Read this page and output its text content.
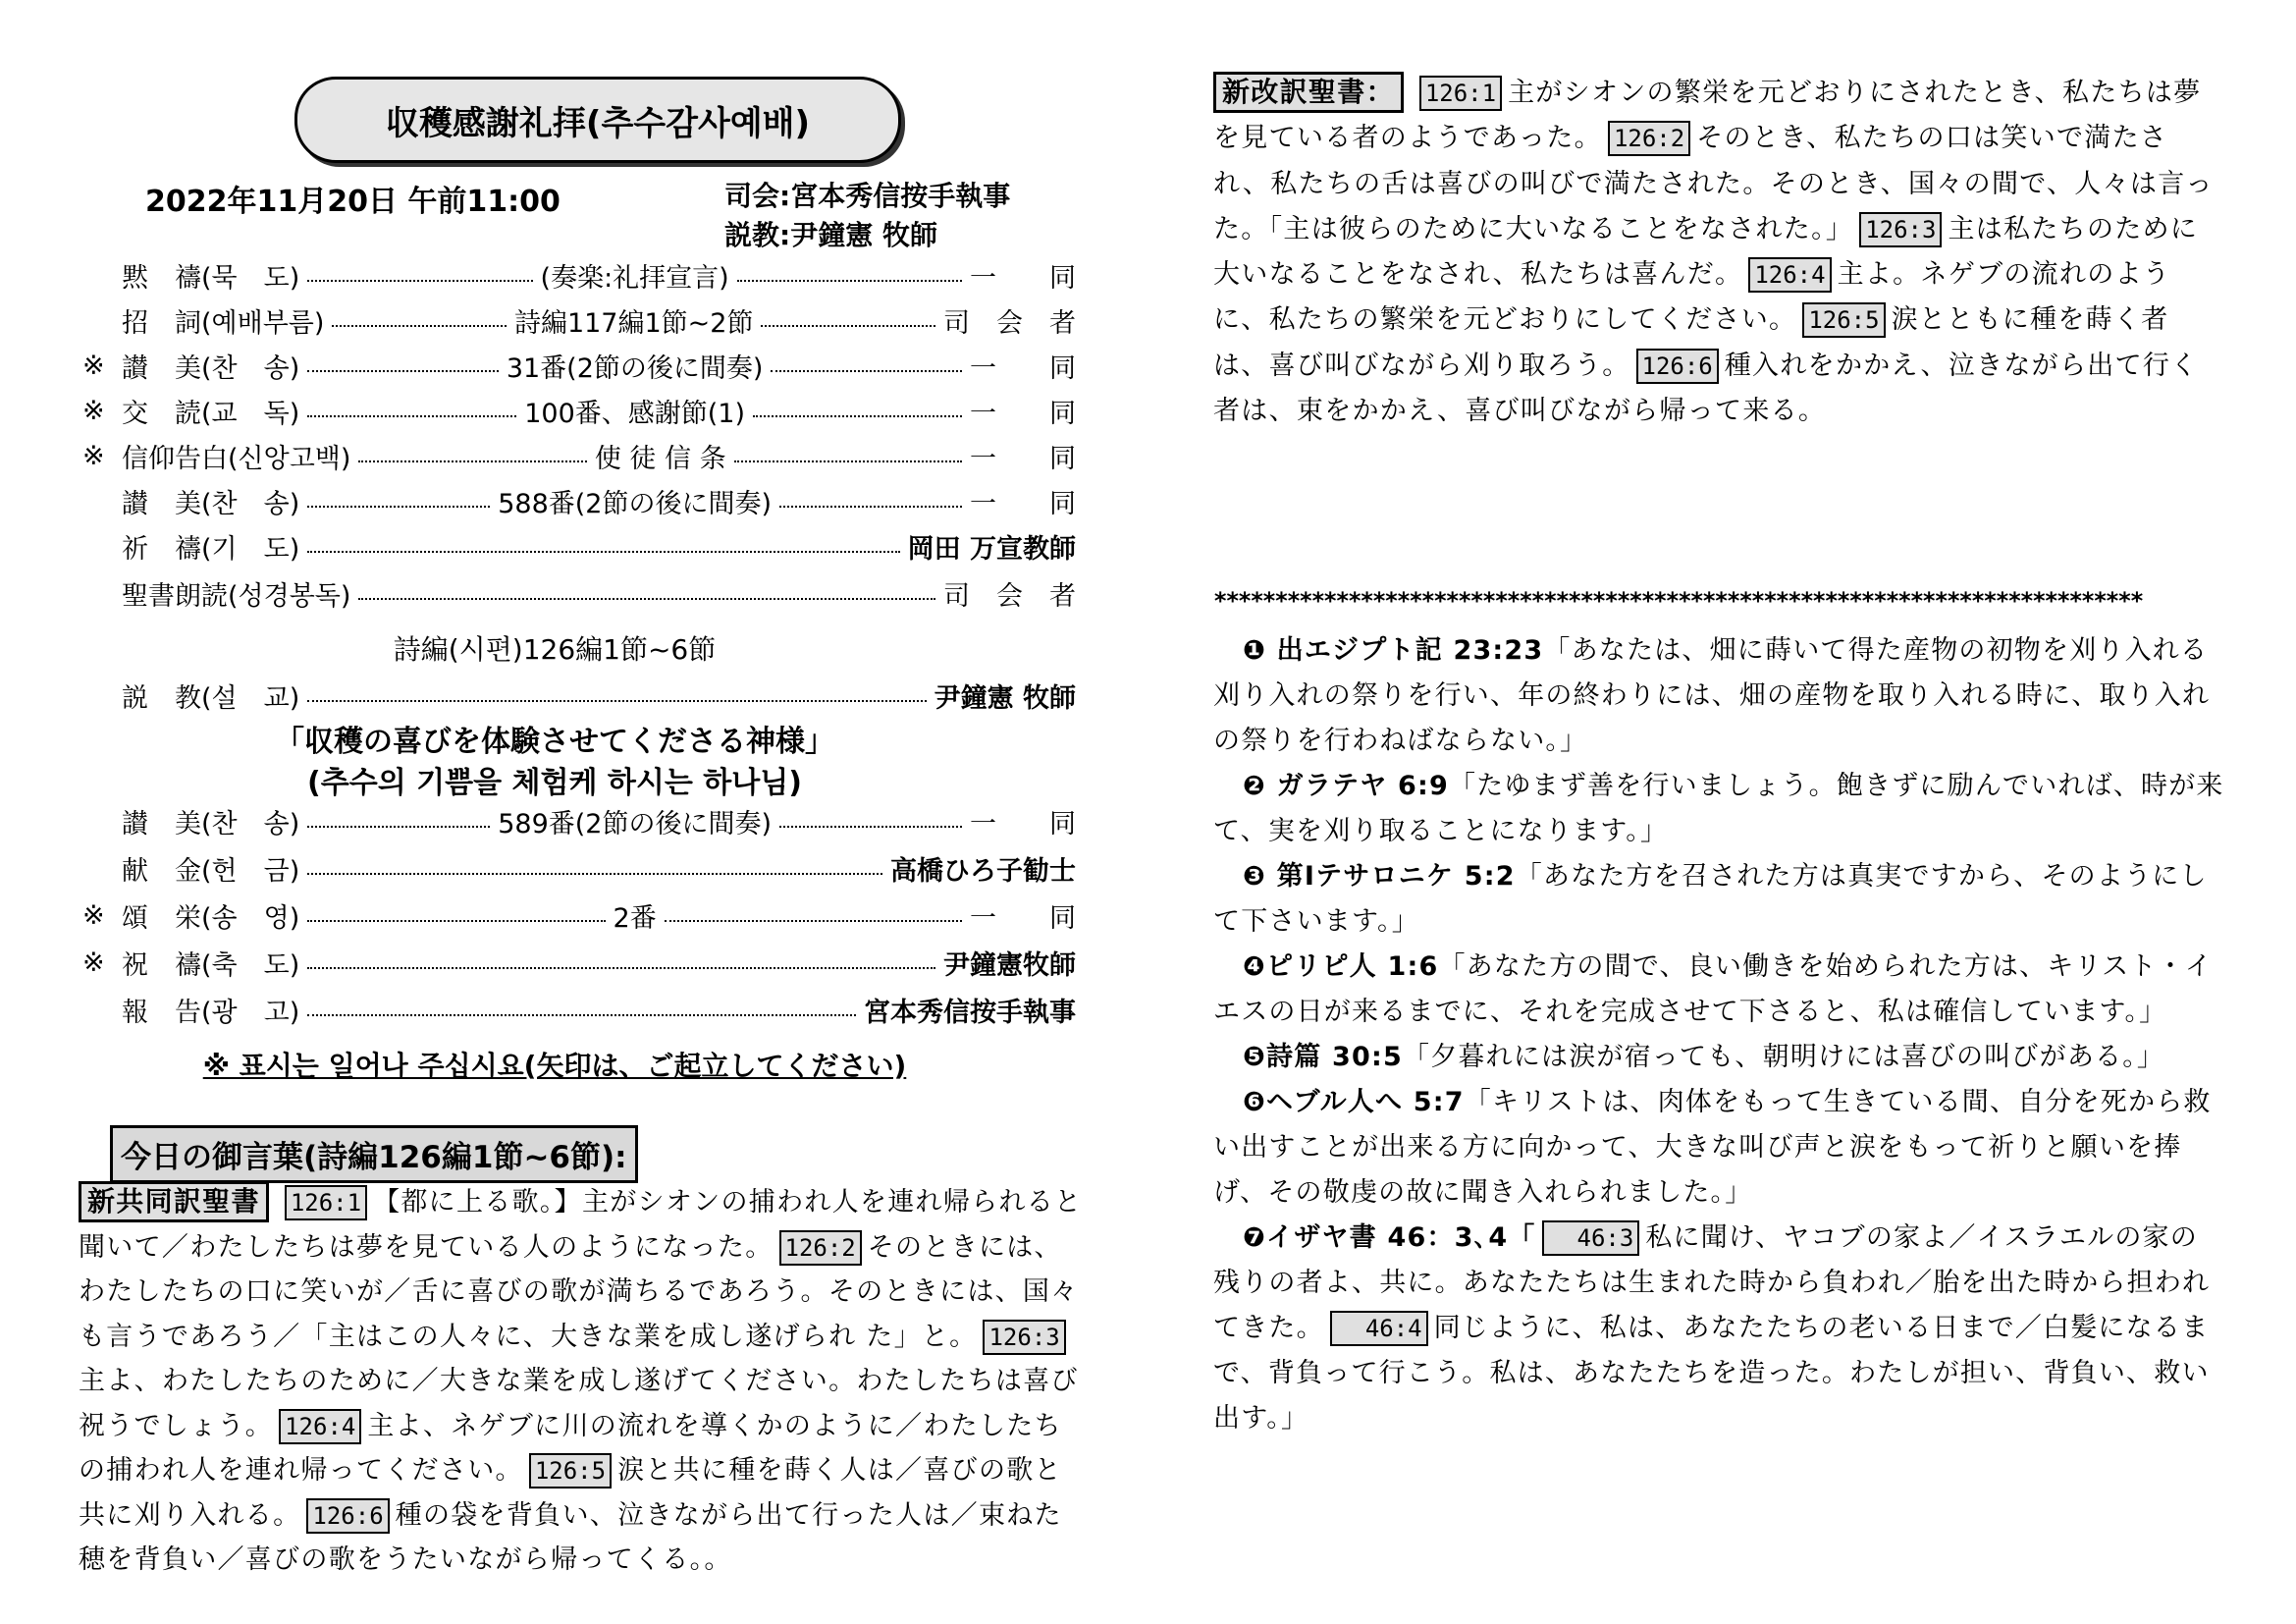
収穫感謝礼拝(추수감사예배)
2022年11月20日 午前11:00	司会:宮本秀信按手執事
説教:尹鐘憲 牧師
黙　禱(묵　도)	(奏楽:礼拝宣言)	一　　同
招　詞(예배부름)	詩編117編1節~2節	司　会　者
※ 讃　美(찬　송)	31番(2節の後に間奏)	一　　同
※ 交　読(교　독)	100番、感謝節(1)	一　　同
※ 信仰告白(신앙고백)	使 徒 信 条	一　　同
讃　美(찬　송)	588番(2節の後に間奏)	一　　同
祈　禱(기　도)	岡田 万宣教師
聖書朗読(성경봉독)	司　会　者
詩編(시편)126編1節~6節
説　教(설　교)	尹鐘憲 牧師
「収穫の喜びを体験させてくださる神様」
(추수의 기쁨을 체험케 하시는 하나님)
讃　美(찬　송)	589番(2節の後に間奏)	一　　同
献　金(헌　금)	高橋ひろ子勧士
※ 頌　栄(송　영)	2番	一　　同
※ 祝　禱(축　도)	尹鐘憲牧師
報　告(광　고)	宮本秀信按手執事
※ 표시는 일어나 주십시요(矢印は、ご起立してください)
今日の御言葉(詩編126編1節~6節):
新共同訳聖書 126:1 【都に上る歌。】主がシオンの捕われ人を連れ帰られると聞いて／わたしたちは夢を見ている人のようになった。 126:2 そのときには、わたしたちの口に笑いが／舌に喜びの歌が満ちるであろう。そのときには、国々も言うであろう／「主はこの人々に、大きな業を成し遂げられ た」と。 126:3主よ、わたしたちのために／大きな業を成し遂げてください。わたしたちは喜び祝うでしょう。 126:4 主よ、ネゲブに川の流れを導くかのように／わたしたちの捕われ人を連れ帰ってください。 126:5 涙と共に種を蒔く人は／喜びの歌と共に刈り入れる。 126:6 種の袋を背負い、泣きながら出て行った人は／束ねた穂を背負い／喜びの歌をうたいながら帰ってくる。。
新改訳聖書： 126:1 主がシオンの繁栄を元どおりにされたとき、私たちは夢を見ている者のようであった。 126:2 そのとき、私たちの口は笑いで満たされ、私たちの舌は喜びの叫びで満たされた。そのとき、国々の間で、人々は言った。「主は彼らのために大いなることをなされた。」 126:3 主は私たちのために大いなることをなされ、私たちは喜んだ。 126:4 主よ。ネゲブの流れのように、私たちの繁栄を元どおりにしてください。 126:5 涙とともに種を蒔く者は、喜び叫びながら刈り取ろう。 126:6 種入れをかかえ、泣きながら出て行く者は、束をかかえ、喜び叫びながら帰って来る。
****************************************************************************
❶ 出エジプト記 23:23「あなたは、畑に蒔いて得た産物の初物を刈り入れる刈り入れの祭りを行い、年の終わりには、畑の産物を取り入れる時に、取り入れの祭りを行わねばならない。」
❷ ガラテヤ 6:9「たゆまず善を行いましょう。飽きずに励んでいれば、時が来て、実を刈り取ることになります。」
❸ 第Ⅰテサロニケ 5:2「あなた方を召された方は真実ですから、そのようにして下さいます。」
❹ピリピ人 1:6「あなた方の間で、良い働きを始められた方は、キリスト・イエスの日が来るまでに、それを完成させて下さると、私は確信しています。」
❺詩篇 30:5「夕暮れには涙が宿っても、朝明けには喜びの叫びがある。」
❻ヘブル人へ 5:7「キリストは、肉体をもって生きている間、自分を死から救い出すことが出来る方に向かって、大きな叫び声と涙をもって祈りと願いを捧げ、その敬虔の故に聞き入れられました。」
❼イザヤ書 46：3､4「 46:3 私に聞け、ヤコブの家よ／イスラエルの家の残りの者よ、共に。あなたたちは生まれた時から負われ／胎を出た時から担われてきた。 46:4 同じように、私は、あなたたちの老いる日まで／白髪になるまで、背負って行こう。私は、あなたたちを造った。わたしが担い、背負い、救い出す。」
